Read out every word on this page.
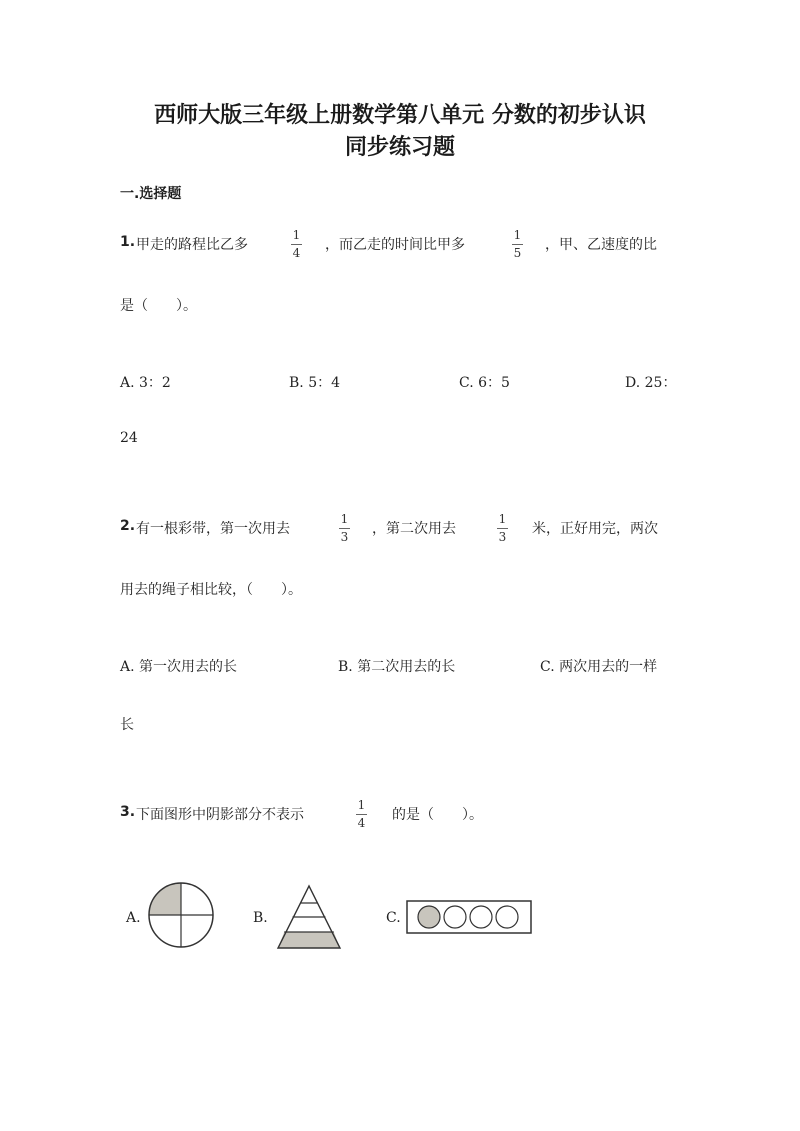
西师大版三年级上册数学第八单元 分数的初步认识
同步练习题
一.选择题
1. 甲走的路程比乙多
1
4 ，而乙走的时间比甲多
1
5 ，甲、乙速度的比
是（　　）。
A. 3：2	B. 5：4	C. 6：5	D. 25：
24
2. 有一根彩带，第一次用去
1
3 ，第二次用去
1
3 米，正好用完，两次
用去的绳子相比较，（　　）。
A. 第一次用去的长	B. 第二次用去的长	C. 两次用去的一样
长
3. 下面图形中阴影部分不表示
1
4 的是（　　）。
A.	B.	C.
